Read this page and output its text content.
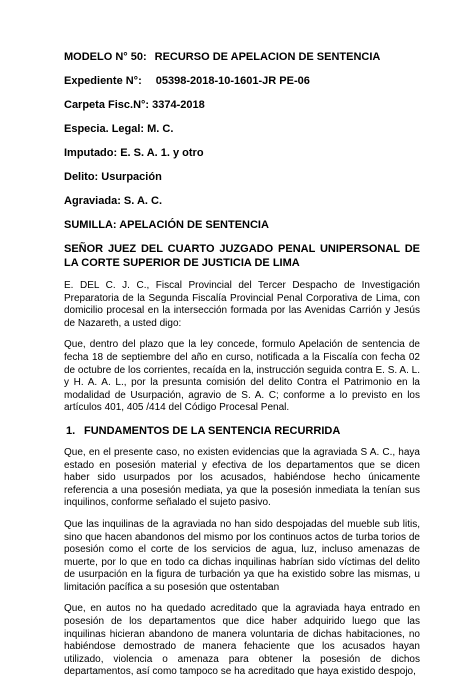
MODELO N° 50: RECURSO DE APELACION DE SENTENCIA
Expediente N°: 05398-2018-10-1601-JR PE-06
Carpeta Fisc.N°: 3374-2018
Especia. Legal: M. C.
Imputado: E. S. A. 1. y otro
Delito: Usurpación
Agraviada: S. A. C.
SUMILLA: APELACIÓN DE SENTENCIA
SEÑOR JUEZ DEL CUARTO JUZGADO PENAL UNIPERSONAL DE LA CORTE SUPERIOR DE JUSTICIA DE LIMA

E. DEL C. J. C., Fiscal Provincial del Tercer Despacho de Investigación Preparatoria de la Segunda Fiscalía Provincial Penal Corporativa de Lima, con domicilio procesal en la intersección formada por las Avenidas Carrión y Jesús de Nazareth, a usted digo:

Que, dentro del plazo que la ley concede, formulo Apelación de sentencia de fecha 18 de septiembre del año en curso, notificada a la Fiscalía con fecha 02 de octubre de los corrientes, recaída en la, instrucción seguida contra E. S. A. L. y H. A. A. L., por la presunta comisión del delito Contra el Patrimonio en la modalidad de Usurpación, agravio de S. A. C; conforme a lo previsto en los artículos 401, 405 /414 del Código Procesal Penal.

1. FUNDAMENTOS DE LA SENTENCIA RECURRIDA

Que, en el presente caso, no existen evidencias que la agraviada S A. C., haya estado en posesión material y efectiva de los departamentos que se dicen haber sido usurpados por los acusados, habiéndose hecho únicamente referencia a una posesión mediata, ya que la posesión inmediata la tenían sus inquilinos, conforme señalado el sujeto pasivo.

Que las inquilinas de la agraviada no han sido despojadas del mueble sub litis, sino que hacen abandonos del mismo por los continuos actos de turba torios de posesión como el corte de los servicios de agua, luz, incluso amenazas de muerte, por lo que en todo ca dichas inquilinas habrían sido víctimas del delito de usurpación en la figura de turbación ya que ha existido sobre las mismas, u limitación pacífica a su posesión que ostentaban

Que, en autos no ha quedado acreditado que la agraviada haya entrado en posesión de los departamentos que dice haber adquirido luego que las inquilinas hicieran abandono de manera voluntaria de dichas habitaciones, no habiéndose demostrado de manera fehaciente que los acusados hayan utilizado, violencia o amenaza para obtener la posesión de dichos departamentos, así como tampoco se ha acreditado que haya existido despojo,
